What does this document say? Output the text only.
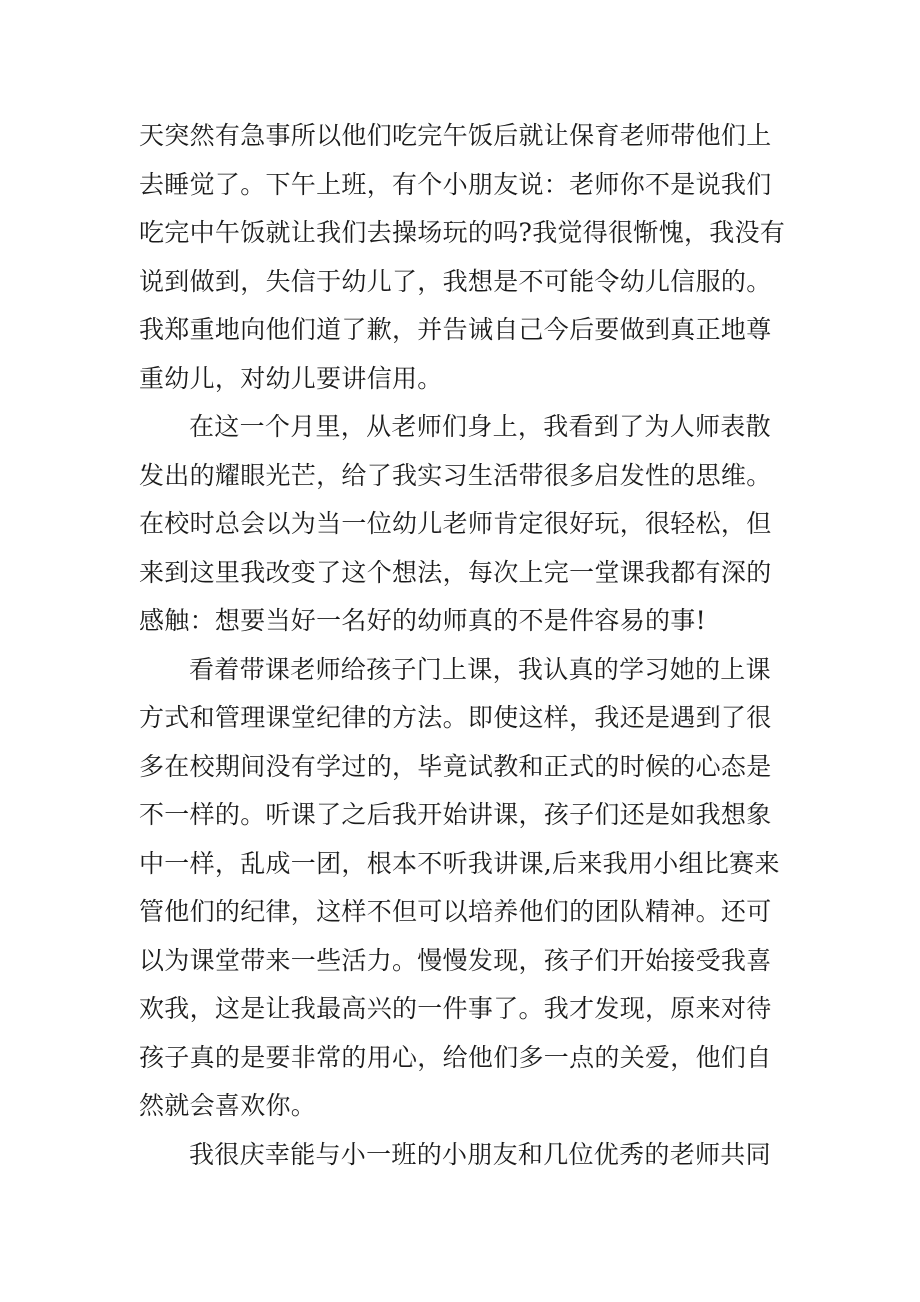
天突然有急事所以他们吃完午饭后就让保育老师带他们上
去睡觉了。下午上班，有个小朋友说：老师你不是说我们
吃完中午饭就让我们去操场玩的吗?我觉得很惭愧，我没有
说到做到，失信于幼儿了，我想是不可能令幼儿信服的。
我郑重地向他们道了歉，并告诫自己今后要做到真正地尊
重幼儿，对幼儿要讲信用。
在这一个月里，从老师们身上，我看到了为人师表散
发出的耀眼光芒，给了我实习生活带很多启发性的思维。
在校时总会以为当一位幼儿老师肯定很好玩，很轻松，但
来到这里我改变了这个想法，每次上完一堂课我都有深的
感触：想要当好一名好的幼师真的不是件容易的事!
看着带课老师给孩子门上课，我认真的学习她的上课
方式和管理课堂纪律的方法。即使这样，我还是遇到了很
多在校期间没有学过的，毕竟试教和正式的时候的心态是
不一样的。听课了之后我开始讲课，孩子们还是如我想象
中一样，乱成一团，根本不听我讲课,后来我用小组比赛来
管他们的纪律，这样不但可以培养他们的团队精神。还可
以为课堂带来一些活力。慢慢发现，孩子们开始接受我喜
欢我，这是让我最高兴的一件事了。我才发现，原来对待
孩子真的是要非常的用心，给他们多一点的关爱，他们自
然就会喜欢你。
我很庆幸能与小一班的小朋友和几位优秀的老师共同
